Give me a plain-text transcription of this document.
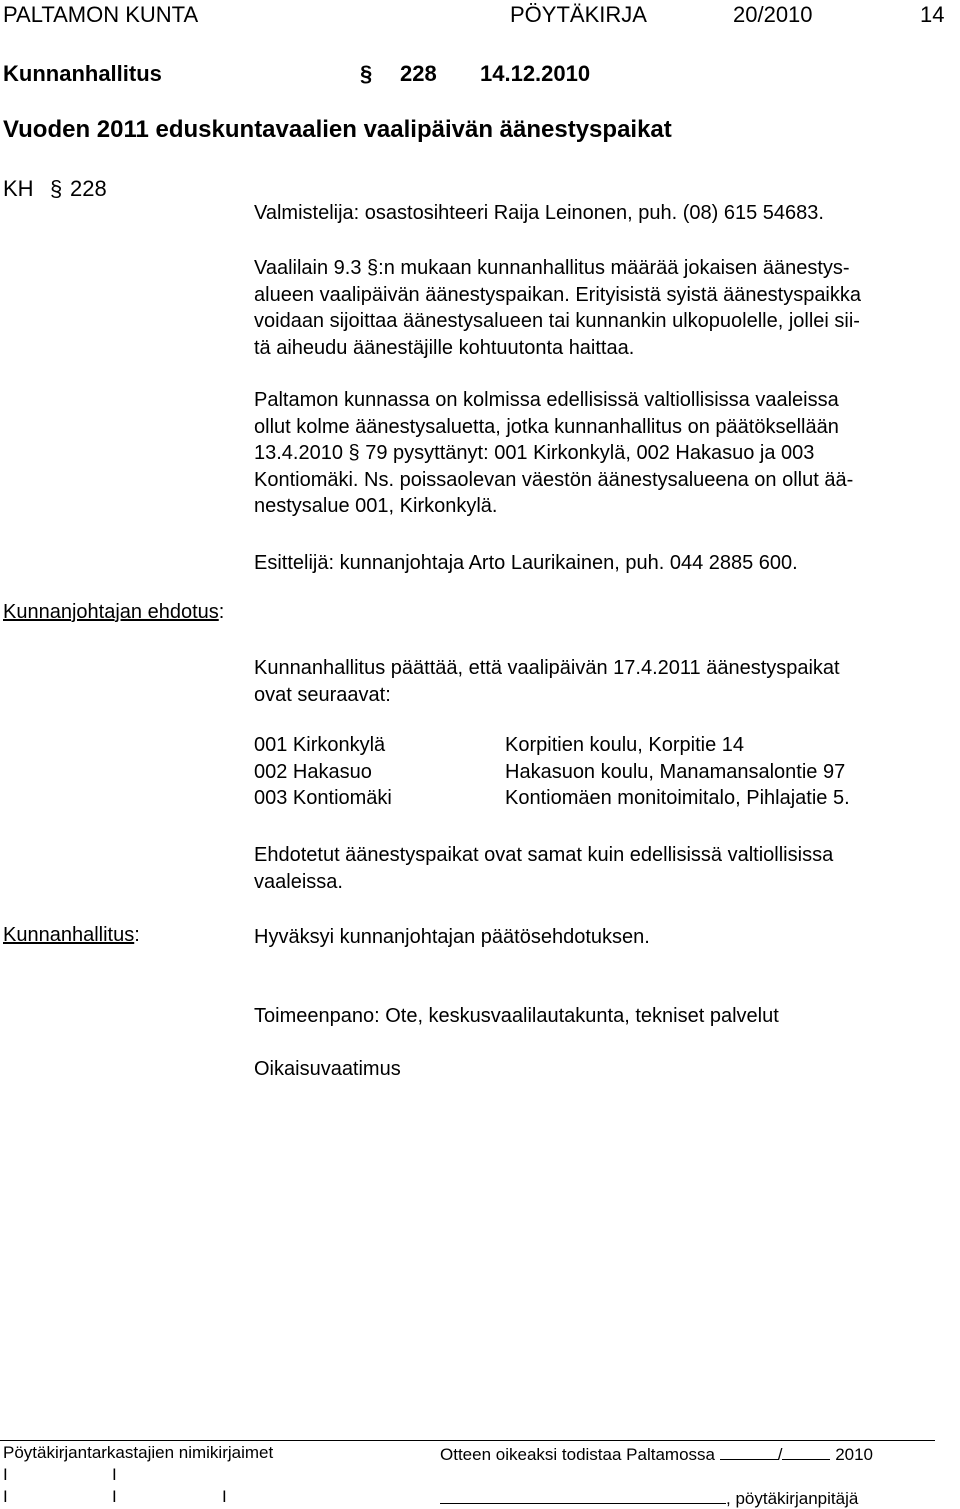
PALTAMON KUNTA	PÖYTÄKIRJA	20/2010	14
Kunnanhallitus	§ 228 14.12.2010
Vuoden 2011 eduskuntavaalien vaalipäivän äänestyspaikat
KH § 228
Valmistelija: osastosihteeri Raija Leinonen, puh. (08) 615 54683.

Vaalilain 9.3 §:n mukaan kunnanhallitus määrää jokaisen äänestys-

alueen vaalipäivän äänestyspaikan. Erityisistä syistä äänestyspaikka

voidaan sijoittaa äänestysalueen tai kunnankin ulkopuolelle, jollei sii-

tä aiheudu äänestäjille kohtuutonta haittaa.

Paltamon kunnassa on kolmissa edellisissä valtiollisissa vaaleissa

ollut kolme äänestysaluetta, jotka kunnanhallitus on päätöksellään

13.4.2010 § 79 pysyttänyt: 001 Kirkonkylä, 002 Hakasuo ja 003

Kontiomäki. Ns. poissaolevan väestön äänestysalueena on ollut ää-

nestysalue 001, Kirkonkylä.

Esittelijä: kunnanjohtaja Arto Laurikainen, puh. 044 2885 600.
Kunnanjohtajan ehdotus:

Kunnanhallitus päättää, että vaalipäivän 17.4.2011 äänestyspaikat

ovat seuraavat:

001 Kirkonkylä	Korpitien koulu, Korpitie 14
002 Hakasuo	Hakasuon koulu, Manamansalontie 97
003 Kontiomäki	Kontiomäen monitoimitalo, Pihlajatie 5.

Ehdotetut äänestyspaikat ovat samat kuin edellisissä valtiollisissa

vaaleissa.

Kunnanhallitus:	Hyväksyi kunnanjohtajan päätösehdotuksen.
Toimeenpano: Ote, keskusvaalilautakunta, tekniset palvelut
Oikaisuvaatimus
Pöytäkirjantarkastajien nimikirjaimet	Otteen oikeaksi todistaa Paltamossa	/	2010
I	I
I	I	I	, pöytäkirjanpitäjä
